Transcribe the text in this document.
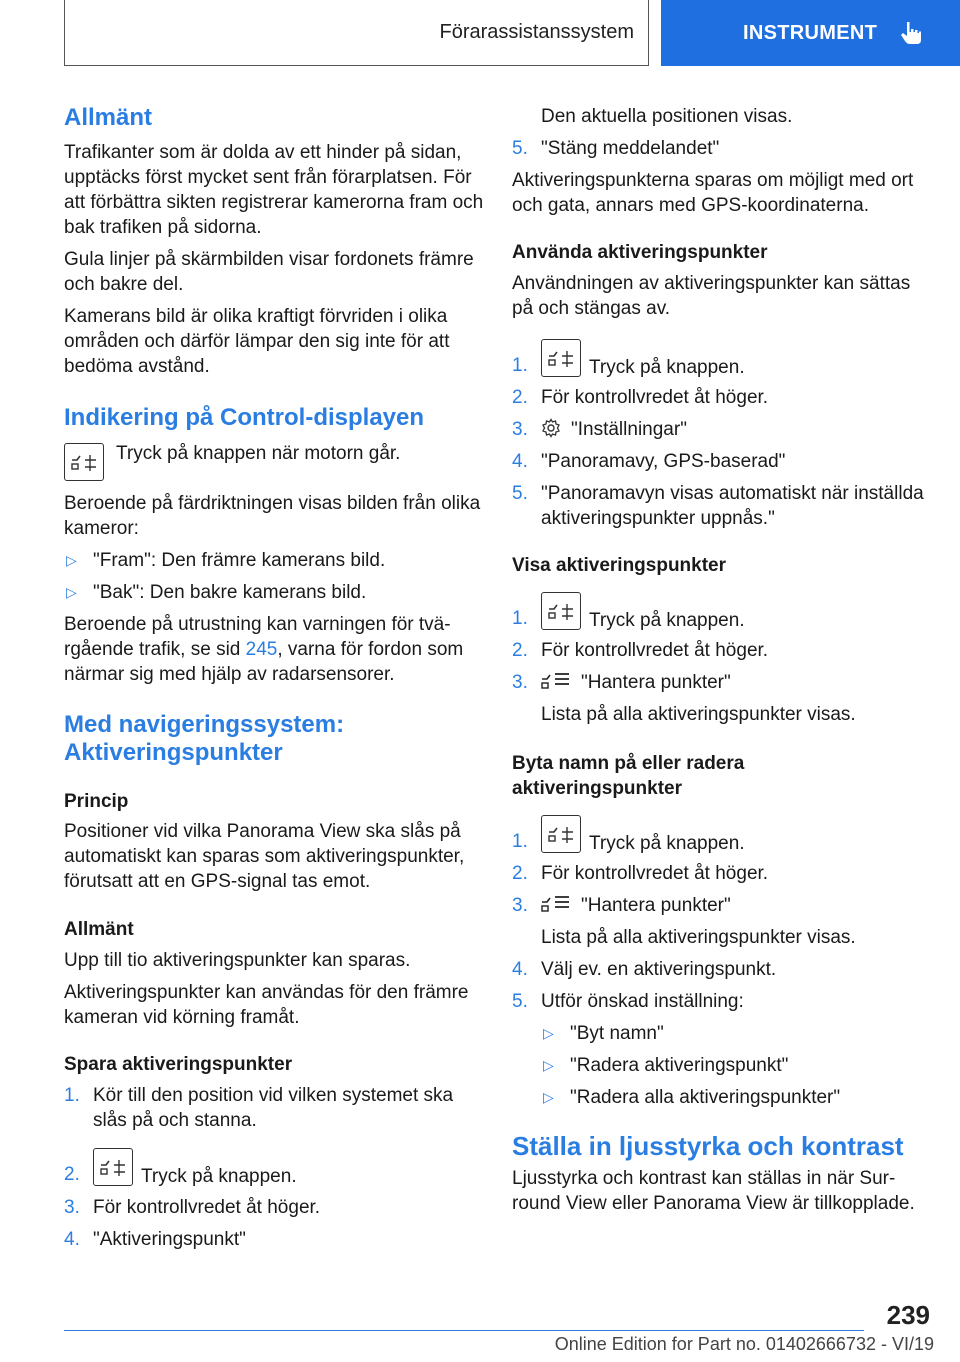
Förarassistanssystem	INSTRUMENT
Allmänt

Trafikanter som är dolda av ett hinder på sidan, upptäcks först mycket sent från förarplatsen. För att förbättra sikten registrerar kamerorna fram och bak trafiken på sidorna.

Gula linjer på skärmbilden visar fordonets främre och bakre del.

Kamerans bild är olika kraftigt förvriden i olika områden och därför lämpar den sig inte för att bedöma avstånd.

Indikering på Control-displayen

Tryck på knappen när motorn går.

Beroende på färdriktningen visas bilden från olika kameror:

▷ "Fram": Den främre kamerans bild.
▷ "Bak": Den bakre kamerans bild.

Beroende på utrustning kan varningen för tvä-rgående trafik, se sid 245, varna för fordon som närmar sig med hjälp av radarsensorer.

Med navigeringssystem:
Aktiveringspunkter
Princip

Positioner vid vilka Panorama View ska slås på automatiskt kan sparas som aktiveringspunkter, förutsatt att en GPS-signal tas emot.

Allmänt

Upp till tio aktiveringspunkter kan sparas.

Aktiveringspunkter kan användas för den främre kameran vid körning framåt.

Spara aktiveringspunkter
1. Kör till den position vid vilken systemet ska slås på och stanna.
2.	Tryck på knappen.
3. För kontrollvredet åt höger.
4. "Aktiveringspunkt"

Den aktuella positionen visas.

5. "Stäng meddelandet"

Aktiveringspunkterna sparas om möjligt med ort och gata, annars med GPS-koordinaterna.

Använda aktiveringspunkter

Användningen av aktiveringspunkter kan sättas på och stängas av.

1.	Tryck på knappen.
2. För kontrollvredet åt höger.
3.	"Inställningar"
4. "Panoramavy, GPS-baserad"
5. "Panoramavyn visas automatiskt när inställda aktiveringspunkter uppnås."
Visa aktiveringspunkter
1.	Tryck på knappen.
2. För kontrollvredet åt höger.
3.	"Hantera punkter"
Lista på alla aktiveringspunkter visas.
Byta namn på eller radera
aktiveringspunkter
1.	Tryck på knappen.
2. För kontrollvredet åt höger.
3.	"Hantera punkter"
Lista på alla aktiveringspunkter visas.
4. Välj ev. en aktiveringspunkt.
5. Utför önskad inställning:
▷ "Byt namn"
▷ "Radera aktiveringspunkt"
▷ "Radera alla aktiveringspunkter"
Ställa in ljusstyrka och kontrast

Ljusstyrka och kontrast kan ställas in när Sur-round View eller Panorama View är tillkopplade.

239
Online Edition for Part no. 01402666732 - VI/19
